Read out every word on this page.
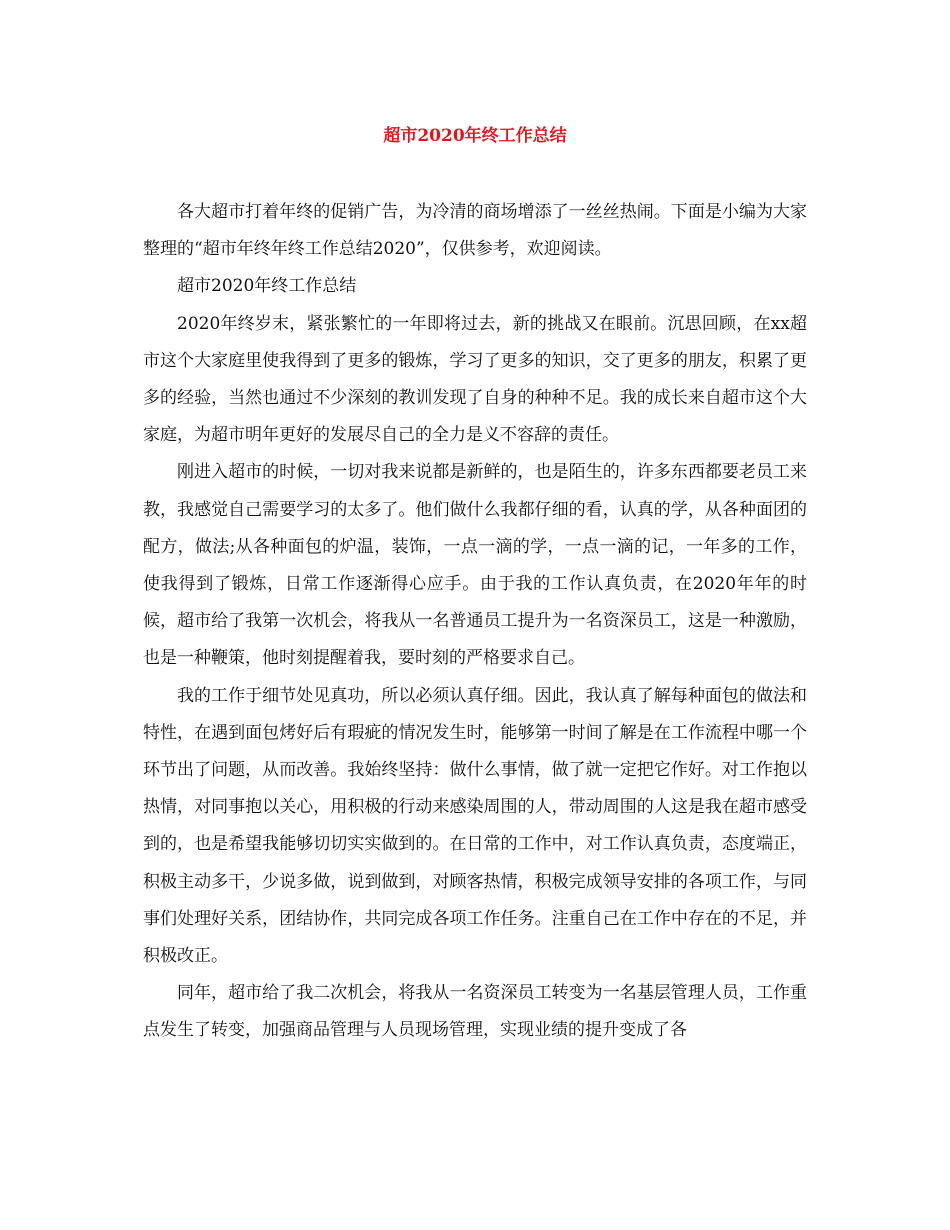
超市2020年终工作总结

各大超市打着年终的促销广告，为冷清的商场增添了一丝丝热闹。下面是小编为大家整理的“超市年终年终工作总结2020”，仅供参考，欢迎阅读。

超市2020年终工作总结

2020年终岁末，紧张繁忙的一年即将过去，新的挑战又在眼前。沉思回顾，在xx超市这个大家庭里使我得到了更多的锻炼，学习了更多的知识，交了更多的朋友，积累了更多的经验，当然也通过不少深刻的教训发现了自身的种种不足。我的成长来自超市这个大家庭，为超市明年更好的发展尽自己的全力是义不容辞的责任。

刚进入超市的时候，一切对我来说都是新鲜的，也是陌生的，许多东西都要老员工来教，我感觉自己需要学习的太多了。他们做什么我都仔细的看，认真的学，从各种面团的配方，做法;从各种面包的炉温，装饰，一点一滴的学，一点一滴的记，一年多的工作，使我得到了锻炼，日常工作逐渐得心应手。由于我的工作认真负责，在2020年年的时候，超市给了我第一次机会，将我从一名普通员工提升为一名资深员工，这是一种激励，也是一种鞭策，他时刻提醒着我，要时刻的严格要求自己。

我的工作于细节处见真功，所以必须认真仔细。因此，我认真了解每种面包的做法和特性，在遇到面包烤好后有瑕疵的情况发生时，能够第一时间了解是在工作流程中哪一个环节出了问题，从而改善。我始终坚持：做什么事情，做了就一定把它作好。对工作抱以热情，对同事抱以关心，用积极的行动来感染周围的人，带动周围的人这是我在超市感受到的，也是希望我能够切切实实做到的。在日常的工作中，对工作认真负责，态度端正，积极主动多干，少说多做，说到做到，对顾客热情，积极完成领导安排的各项工作，与同事们处理好关系，团结协作，共同完成各项工作任务。注重自己在工作中存在的不足，并积极改正。

同年，超市给了我二次机会，将我从一名资深员工转变为一名基层管理人员，工作重点发生了转变，加强商品管理与人员现场管理，实现业绩的提升变成了各
